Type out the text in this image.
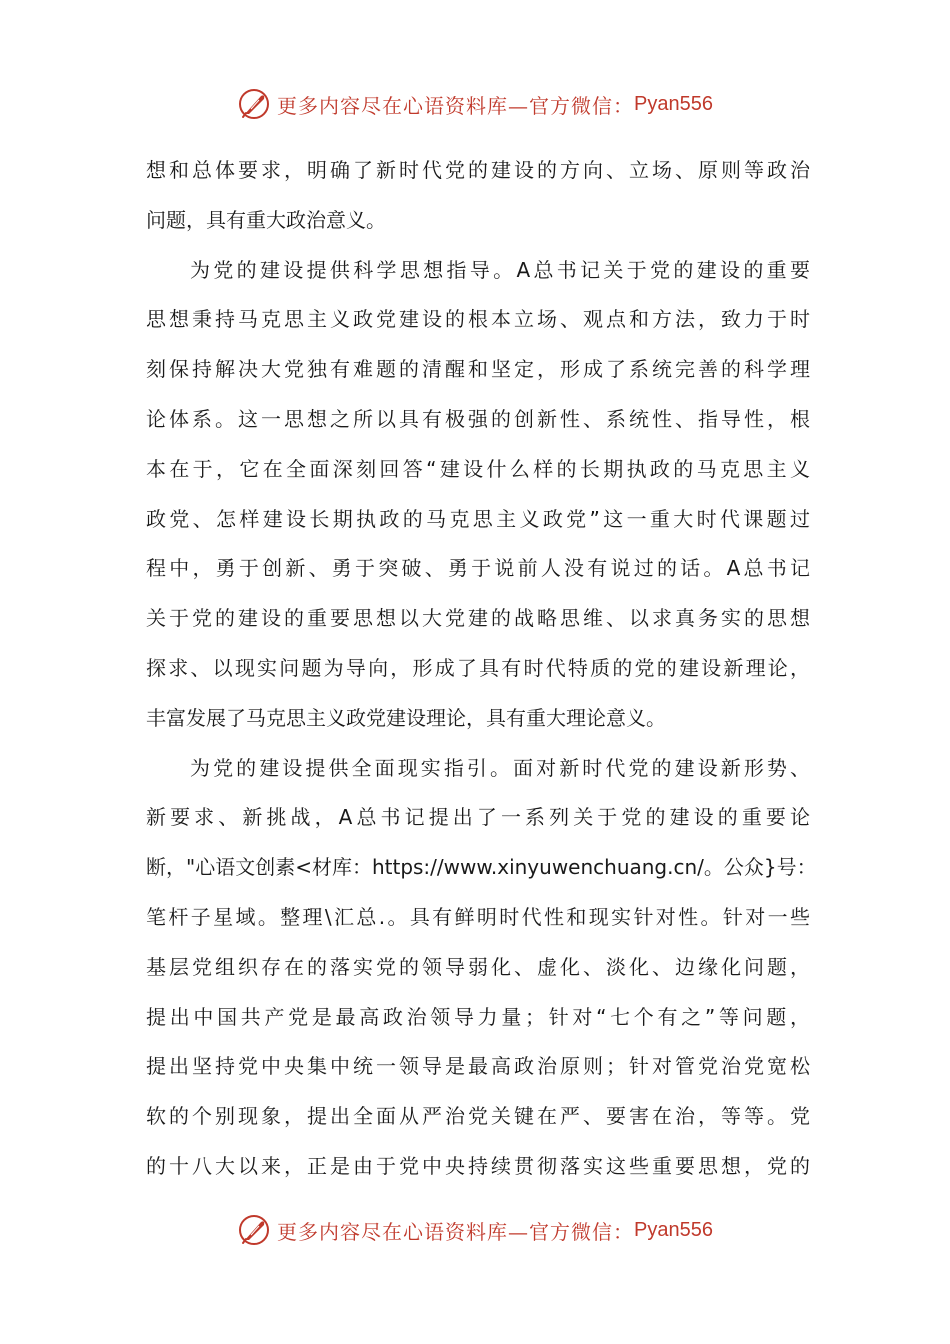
更多内容尽在心语资料库—官方微信： Pyan556
想和总体要求，明确了新时代党的建设的方向、立场、原则等政治
问题，具有重大政治意义。
为党的建设提供科学思想指导。A总书记关于党的建设的重要
思想秉持马克思主义政党建设的根本立场、观点和方法，致力于时
刻保持解决大党独有难题的清醒和坚定，形成了系统完善的科学理
论体系。这一思想之所以具有极强的创新性、系统性、指导性，根
本在于，它在全面深刻回答“建设什么样的长期执政的马克思主义
政党、怎样建设长期执政的马克思主义政党”这一重大时代课题过
程中，勇于创新、勇于突破、勇于说前人没有说过的话。A总书记
关于党的建设的重要思想以大党建的战略思维、以求真务实的思想
探求、以现实问题为导向，形成了具有时代特质的党的建设新理论，
丰富发展了马克思主义政党建设理论，具有重大理论意义。
为党的建设提供全面现实指引。面对新时代党的建设新形势、
新要求、新挑战，A总书记提出了一系列关于党的建设的重要论
断，"心语文创素<材库：https://www.xinyuwenchuang.cn/。公众}号：
笔杆子星域。整理\汇总.。具有鲜明时代性和现实针对性。针对一些
基层党组织存在的落实党的领导弱化、虚化、淡化、边缘化问题，
提出中国共产党是最高政治领导力量；针对“七个有之”等问题，
提出坚持党中央集中统一领导是最高政治原则；针对管党治党宽松
软的个别现象，提出全面从严治党关键在严、要害在治，等等。党
的十八大以来，正是由于党中央持续贯彻落实这些重要思想，党的
更多内容尽在心语资料库—官方微信： Pyan556
